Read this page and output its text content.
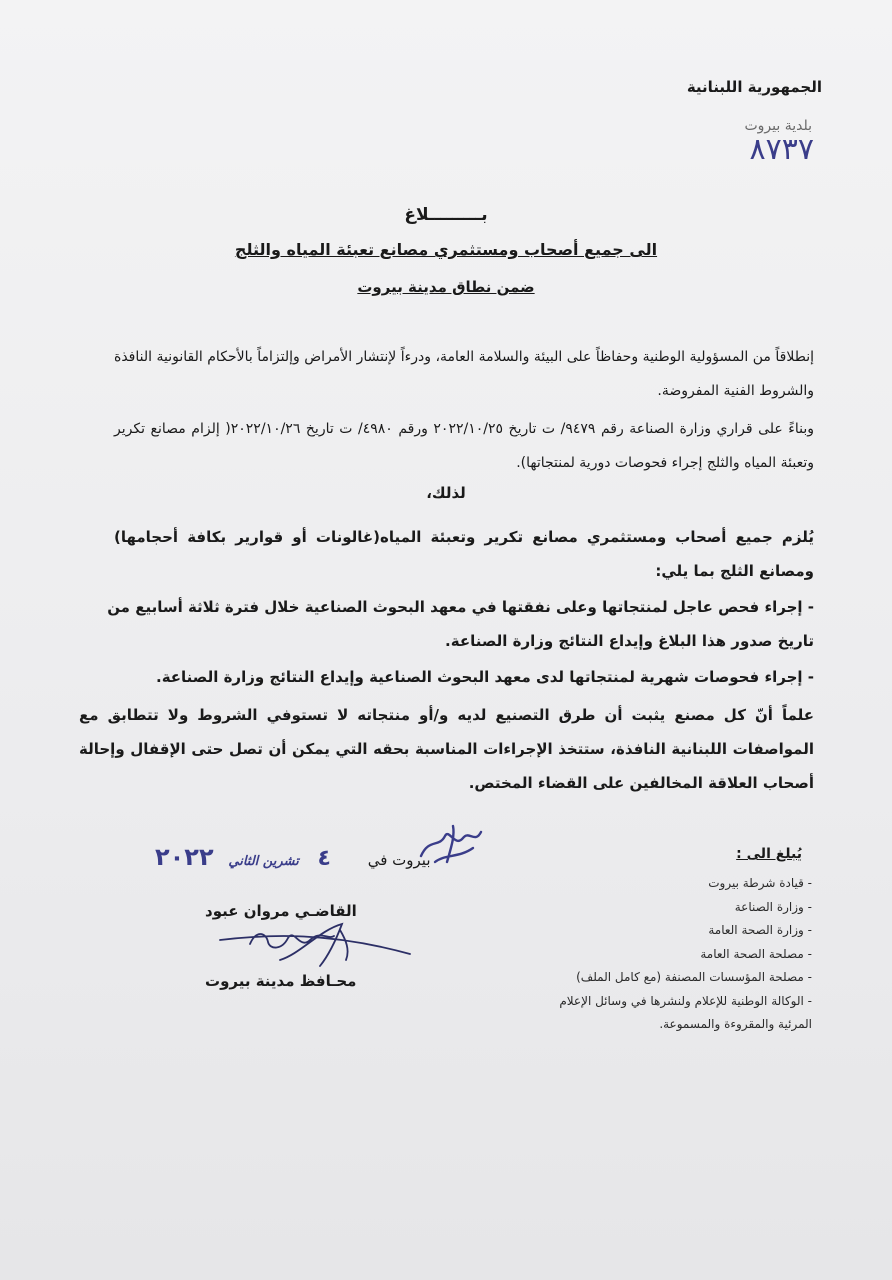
الجمهورية اللبنانية
بلدية بيروت
٨٧٣٧
بـــــــــلاغ
الى جميع أصحاب ومستثمري مصانع تعبئة المياه والثلج
ضمن نطاق مدينة بيروت
إنطلاقاً من المسؤولية الوطنية وحفاظاً على البيئة والسلامة العامة، ودرءاً لإنتشار الأمراض وإلتزاماً بالأحكام القانونية النافذة والشروط الفنية المفروضة.
وبناءً على قراري وزارة الصناعة رقم ٩٤٧٩/ ت تاريخ ٢٠٢٢/١٠/٢٥ ورقم ٤٩٨٠/ ت تاريخ ٢٠٢٢/١٠/٢٦( إلزام مصانع تكرير وتعبئة المياه والثلج إجراء فحوصات دورية لمنتجاتها).
لذلك،
يُلزم جميع أصحاب ومستثمري مصانع تكرير وتعبئة المياه(غالونات أو قوارير بكافة أحجامها) ومصانع الثلج بما يلي:
- إجراء فحص عاجل لمنتجاتها وعلى نفقتها في معهد البحوث الصناعية خلال فترة ثلاثة أسابيع من تاريخ صدور هذا البلاغ وإيداع النتائج وزارة الصناعة.
- إجراء فحوصات شهرية لمنتجاتها لدى معهد البحوث الصناعية وإيداع النتائج وزارة الصناعة.
علماً أنّ كل مصنع يثبت أن طرق التصنيع لديه و/أو منتجاته لا تستوفي الشروط ولا تتطابق مع المواصفات اللبنانية النافذة، ستتخذ الإجراءات المناسبة بحقه التي يمكن أن تصل حتى الإقفال وإحالة أصحاب العلاقة المخالفين على القضاء المختص.
بيروت في ٤ تشرين الثاني ٢٠٢٢
القاضـي مروان عبود
محـافظ مدينة بيروت
يُبلغ الى :
- قيادة شرطة بيروت
- وزارة الصناعة
- وزارة الصحة العامة
- مصلحة الصحة العامة
- مصلحة المؤسسات المصنفة (مع كامل الملف)
- الوكالة الوطنية للإعلام ولنشرها في وسائل الإعلام المرئية والمقروءة والمسموعة.
